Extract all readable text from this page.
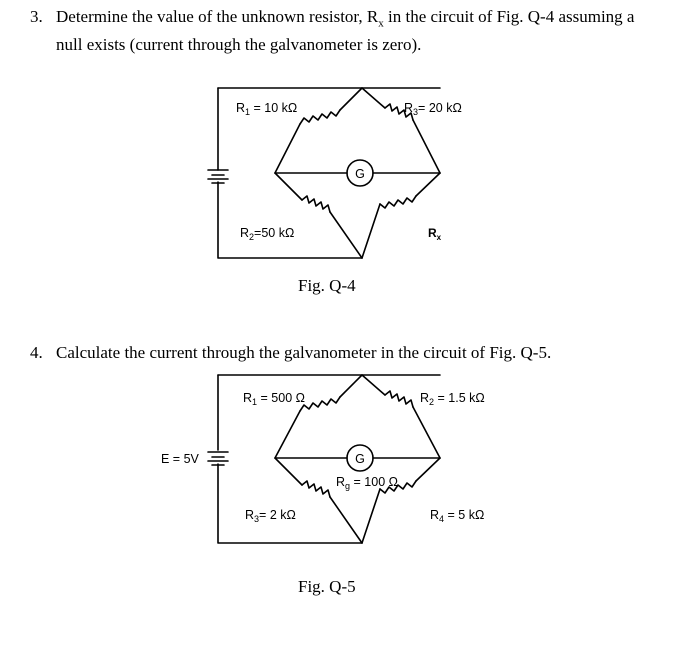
3. Determine the value of the unknown resistor, $R_x$ in the circuit of Fig. Q-4 assuming a
null exists (current through the galvanometer is zero).
G
$R_1 = 10$ kΩ	$R_3= 20$ kΩ
$R_2=50$ kΩ	$R_x$
G
$R_1 = 500$ Ω	$R_2 = 1.5$ kΩ
$R_3= 2$ kΩ	$R_4 = 5$ kΩ
$R_g = 100$ Ω
E = 5V
Fig. Q-4
4. Calculate the current through the galvanometer in the circuit of Fig. Q-5.
Fig. Q-5
